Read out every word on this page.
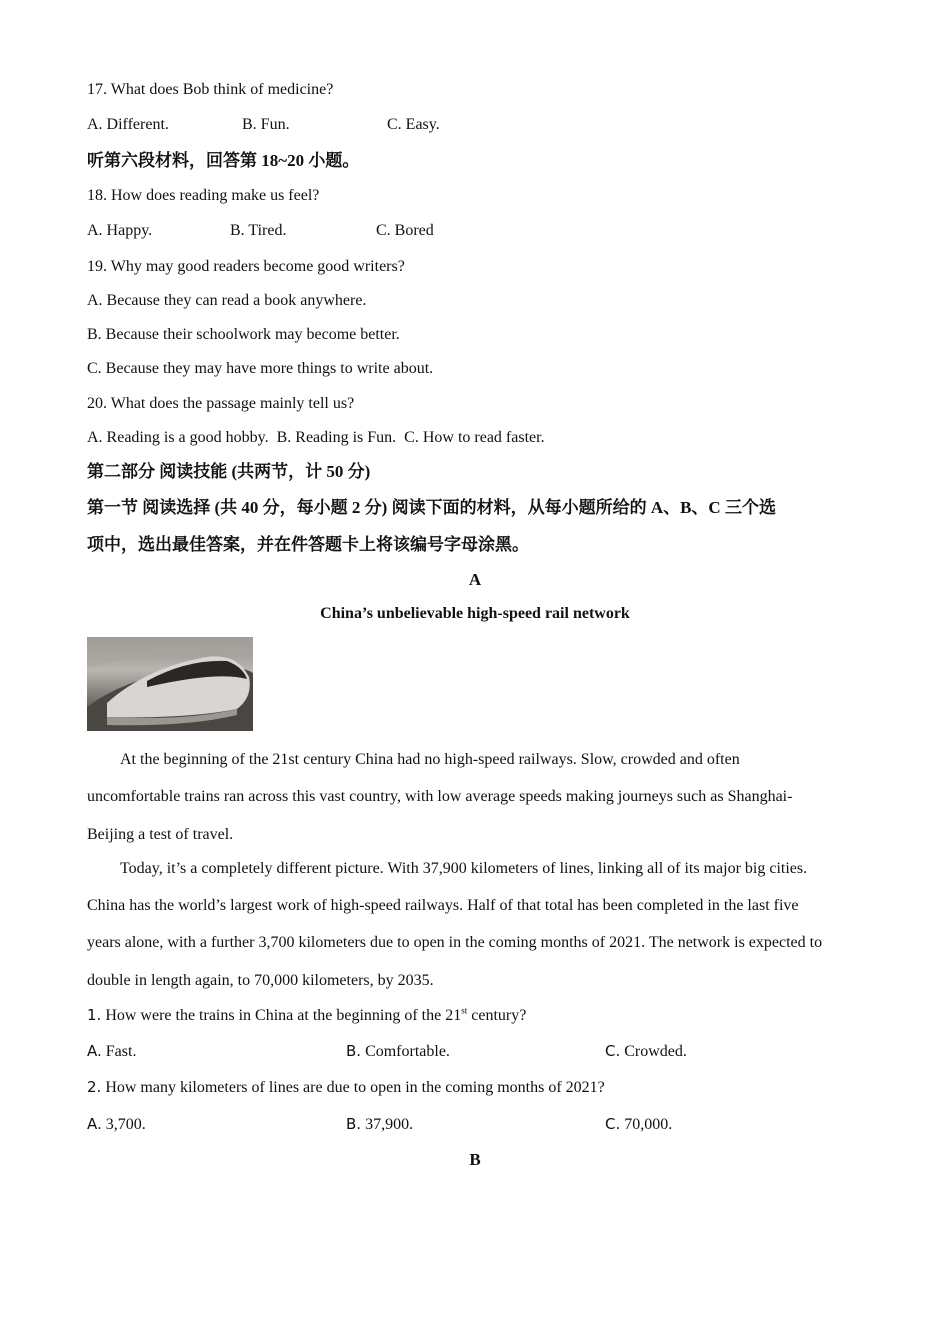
17. What does Bob think of medicine?
A. Different.	B. Fun.	C. Easy.
听第六段材料，回答第 18~20 小题。
18. How does reading make us feel?
A. Happy.	B. Tired.	C. Bored
19. Why may good readers become good writers?
A. Because they can read a book anywhere.
B. Because their schoolwork may become better.
C. Because they may have more things to write about.
20. What does the passage mainly tell us?
A. Reading is a good hobby.  B. Reading is Fun.  C. How to read faster.
第二部分 阅读技能 (共两节，计 50 分)
第一节 阅读选择 (共 40 分，每小题 2 分) 阅读下面的材料，从每小题所给的 A、B、C 三个选
项中，选出最佳答案，并在件答题卡上将该编号字母涂黑。
A
China’s unbelievable high-speed rail network
At the beginning of the 21st century China had no high-speed railways. Slow, crowded and often
uncomfortable trains ran across this vast country, with low average speeds making journeys such as Shanghai-
Beijing a test of travel.
Today, it’s a completely different picture. With 37,900 kilometers of lines, linking all of its major big cities.
China has the world’s largest work of high-speed railways. Half of that total has been completed in the last five
years alone, with a further 3,700 kilometers due to open in the coming months of 2021. The network is expected to
double in length again, to 70,000 kilometers, by 2035.
1. How were the trains in China at the beginning of the 21st century?
A. Fast.	B. Comfortable.	C. Crowded.
2. How many kilometers of lines are due to open in the coming months of 2021?
A. 3,700.	B. 37,900.	C. 70,000.
B
